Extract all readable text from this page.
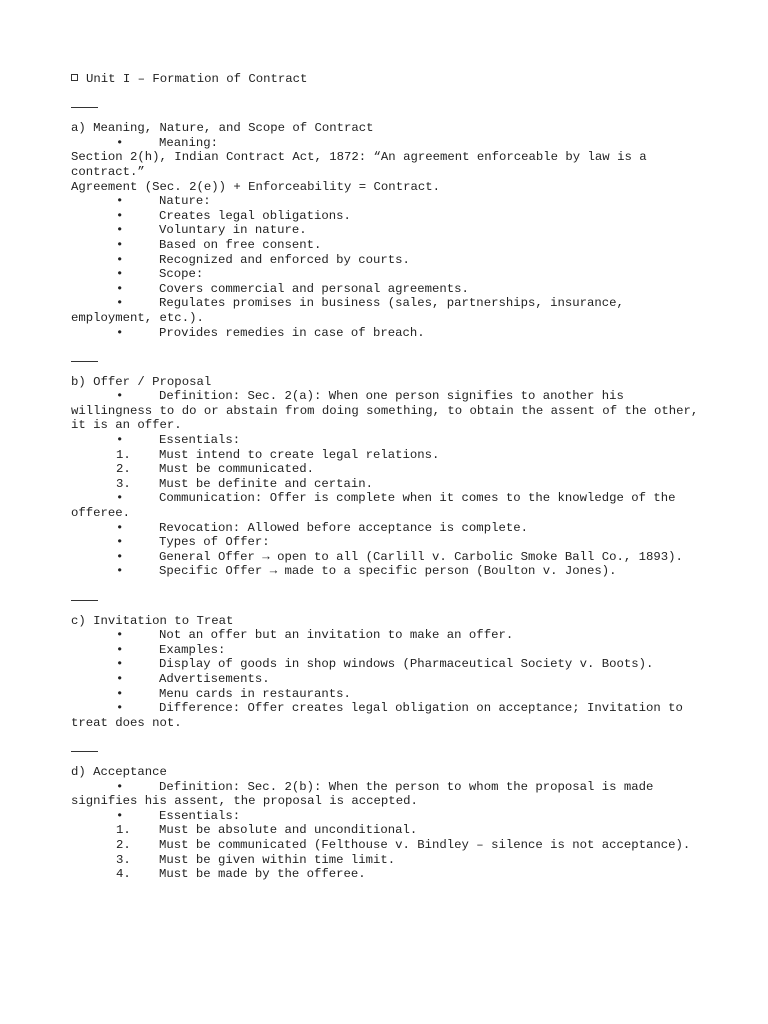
Unit I – Formation of Contract
a) Meaning, Nature, and Scope of Contract
•	Meaning:
Section 2(h), Indian Contract Act, 1872: “An agreement enforceable by law is a contract.”
Agreement (Sec. 2(e)) + Enforceability = Contract.
•	Nature:
•	Creates legal obligations.
•	Voluntary in nature.
•	Based on free consent.
•	Recognized and enforced by courts.
•	Scope:
•	Covers commercial and personal agreements.
•	Regulates promises in business (sales, partnerships, insurance, employment, etc.).
•	Provides remedies in case of breach.
b) Offer / Proposal
•	Definition: Sec. 2(a): When one person signifies to another his willingness to do or abstain from doing something, to obtain the assent of the other, it is an offer.
•	Essentials:
1. Must intend to create legal relations.
2. Must be communicated.
3. Must be definite and certain.
•	Communication: Offer is complete when it comes to the knowledge of the offeree.
•	Revocation: Allowed before acceptance is complete.
•	Types of Offer:
•	General Offer → open to all (Carlill v. Carbolic Smoke Ball Co., 1893).
•	Specific Offer → made to a specific person (Boulton v. Jones).
c) Invitation to Treat
•	Not an offer but an invitation to make an offer.
•	Examples:
•	Display of goods in shop windows (Pharmaceutical Society v. Boots).
•	Advertisements.
•	Menu cards in restaurants.
•	Difference: Offer creates legal obligation on acceptance; Invitation to treat does not.
d) Acceptance
•	Definition: Sec. 2(b): When the person to whom the proposal is made signifies his assent, the proposal is accepted.
•	Essentials:
1. Must be absolute and unconditional.
2. Must be communicated (Felthouse v. Bindley – silence is not acceptance).
3. Must be given within time limit.
4. Must be made by the offeree.
